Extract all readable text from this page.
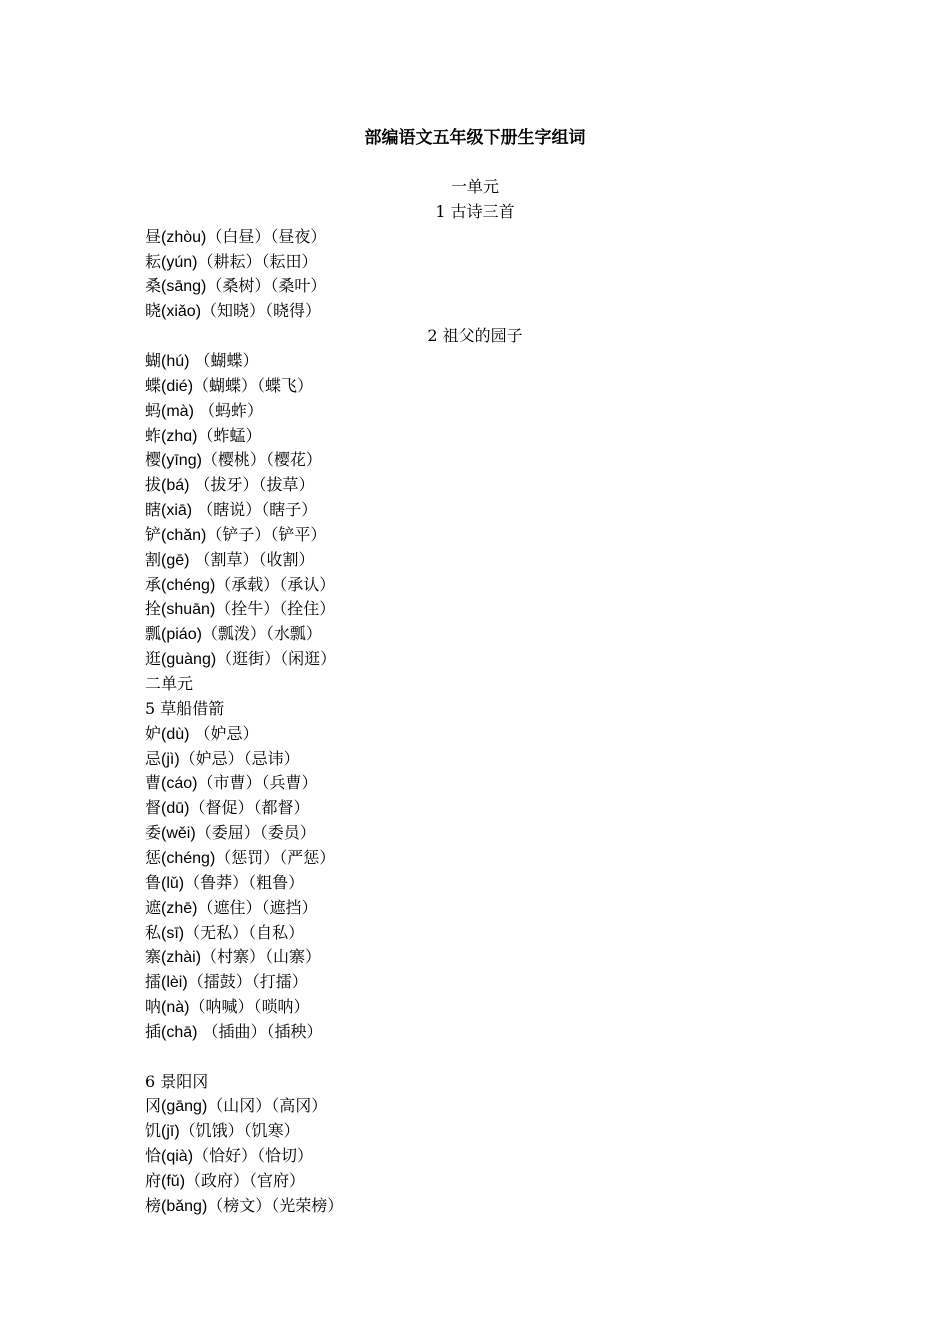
部编语文五年级下册生字组词
一单元
1 古诗三首
昼(zhòu)（白昼）（昼夜）
耘(yún)（耕耘）（耘田）
桑(sāng)（桑树）（桑叶）
晓(xiǎo)（知晓）（晓得）
2 祖父的园子
蝴(hú) （蝴蝶）
蝶(dié)（蝴蝶）（蝶飞）
蚂(mà) （蚂蚱）
蚱(zhɑ)（蚱蜢）
樱(yīng)（樱桃）（樱花）
拔(bá) （拔牙）（拔草）
瞎(xiā) （瞎说）（瞎子）
铲(chǎn)（铲子）（铲平）
割(gē) （割草）（收割）
承(chéng)（承载）（承认）
拴(shuān)（拴牛）（拴住）
瓢(piáo)（瓢泼）（水瓢）
逛(guàng)（逛街）（闲逛）
二单元
5 草船借箭
妒(dù) （妒忌）
忌(jì)（妒忌）（忌讳）
曹(cáo)（市曹）（兵曹）
督(dū)（督促）（都督）
委(wěi)（委屈）（委员）
惩(chéng)（惩罚）（严惩）
鲁(lǔ)（鲁莽）（粗鲁）
遮(zhē)（遮住）（遮挡）
私(sī)（无私）（自私）
寨(zhài)（村寨）（山寨）
擂(lèi)（擂鼓）（打擂）
呐(nà)（呐喊）（唢呐）
插(chā) （插曲）（插秧）
6 景阳冈
冈(gāng)（山冈）（高冈）
饥(jī)（饥饿）（饥寒）
恰(qià)（恰好）（恰切）
府(fǔ)（政府）（官府）
榜(bǎng)（榜文）（光荣榜）
